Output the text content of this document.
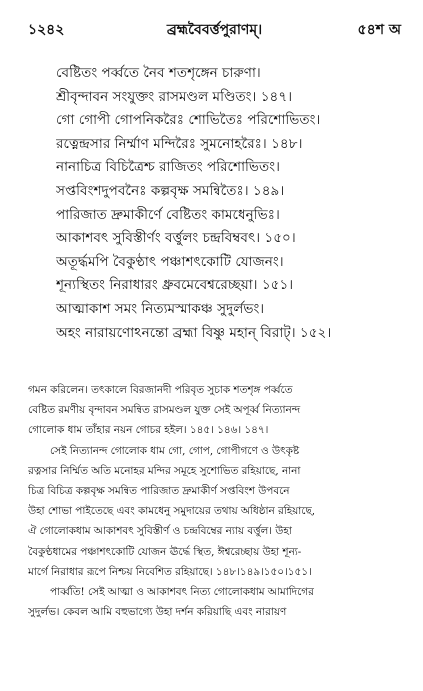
১২৪২	ব্রহ্মবৈবর্ত্তপুরাণম্।	৫৪শ অ
বেষ্টিতং পর্ব্বতে নৈব শতশৃঙ্গেন চারুণা।
শ্রীবৃন্দাবন সংযুক্তং রাসমণ্ডল মণ্ডিতং। ১৪৭।
গো গোপী গোপনিকরৈঃ শোভিতৈঃ পরিশোভিতং।
রত্নেন্দ্রসার নির্ম্মাণ মন্দিরৈঃ সুমনোহরৈঃ। ১৪৮।
নানাচিত্র বিচিত্রৈশ্চ রাজিতং পরিশোভিতং।
সপ্তবিংশদুপবনৈঃ কল্পবৃক্ষ সমন্বিতৈঃ। ১৪৯।
পারিজাত দ্রুমাকীর্ণে বেষ্টিতং কামধেনুভিঃ।
আকাশবৎ সুবিস্তীর্ণং বর্ত্তুলং চন্দ্রবিম্ববৎ। ১৫০।
অতূর্দ্ধমপি বৈকুণ্ঠাৎ পঞ্চাশৎকোটি যোজনং।
শূন্যস্থিতং নিরাধারং ধ্রুবমেবেশ্বরেচ্ছয়া। ১৫১।
আত্মাকাশ সমং নিত্যমস্মাকঞ্চ সুদুর্লভং।
অহং নারায়ণোঽনন্তো ব্রহ্মা বিষ্ণু মহান্ বিরাট্। ১৫২।
গমন করিলেন। তৎকালে বিরজানদী পরিবৃত সুচাক শতশৃঙ্গ পর্ব্বতে
বেষ্টিত রমণীয় বৃন্দাবন সমন্বিত রাসমণ্ডল যুক্ত সেই অপূর্ব্ব নিত্যানন্দ
গোলোক ধাম তাঁহার নয়ন গোচর হইল। ১৪৫। ১৪৬। ১৪৭।
সেই নিত্যানন্দ গোলোক ধাম গো, গোপ, গোপীগণে ও উৎকৃষ্ট
রত্নসার নির্ম্মিত অতি মনোহর মন্দির সমূহে সুশোভিত রহিয়াছে, নানা
চিত্র বিচিত্র কল্পবৃক্ষ সমন্বিত পারিজাত দ্রুমাকীর্ণ সপ্তবিংশ উপবনে
উহা শোভা পাইতেছে এবং কামধেনু সমুদায়ের তথায় অধিষ্ঠান রহিয়াছে,
ঐ গোলোকধাম আকাশবৎ সুবিস্তীর্ণ ও চন্দ্রবিম্বের ন্যায় বর্ত্তুল। উহা
বৈকুণ্ঠধামের পঞ্চাশৎকোটি যোজন ঊর্দ্ধে স্থিত, ঈশ্বরেচ্ছায় উহা শূন্য-
মার্গে নিরাধার রূপে নিশ্চয় নিবেশিত রহিয়াছে। ১৪৮।১৪৯।১৫০।১৫১।
পার্ব্বতি! সেই আত্মা ও আকাশবৎ নিত্য গোলোকধাম আমাদিগের
সুদুর্লভ। কেবল আমি বহুভাগ্যে উহা দর্শন করিয়াছি এবং নারায়ণ
